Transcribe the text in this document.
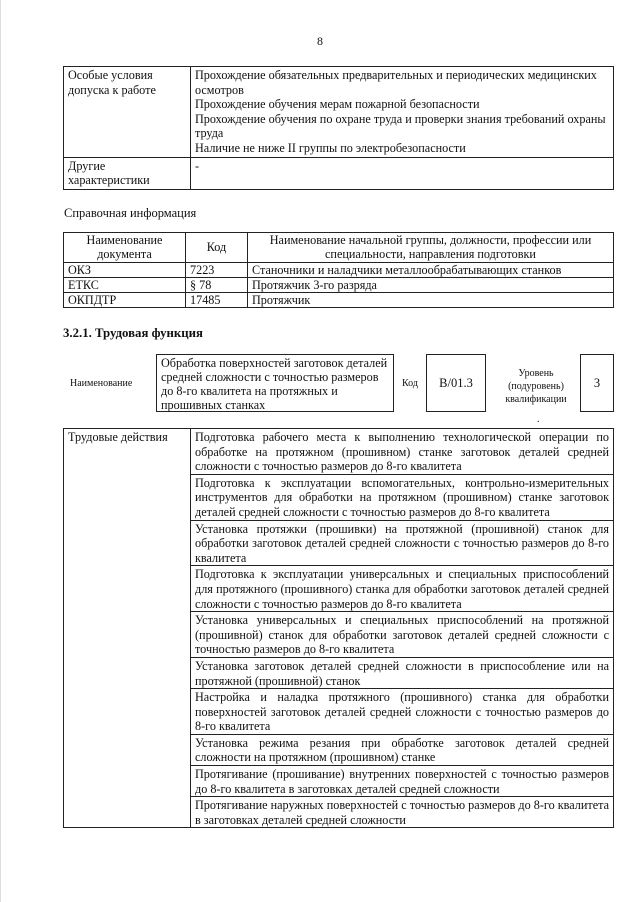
8
Особые условия допуска к работе	Прохождение обязательных предварительных и периодических медицинских осмотров
Прохождение обучения мерам пожарной безопасности
Прохождение обучения по охране труда и проверки знания требований охраны труда
Наличие не ниже II группы по электробезопасности

Другие характеристики	-
Справочная информация
Наименование документа	Код	Наименование начальной группы, должности, профессии или специальности, направления подготовки
ОКЗ	7223	Станочники и наладчики металлообрабатывающих станков
ЕТКС	§ 78	Протяжчик 3-го разряда
ОКПДТР	17485	Протяжчик
3.2.1. Трудовая функция
Наименование
Обработка поверхностей заготовок деталей средней сложности с точностью размеров до 8-го квалитета на протяжных и прошивных станках
Код	B/01.3
Уровень (подуровень) квалификации
3
.
Трудовые действия	Подготовка рабочего места к выполнению технологической операции по обработке на протяжном (прошивном) станке заготовок деталей средней сложности с точностью размеров до 8-го квалитета
Подготовка к эксплуатации вспомогательных, контрольно-измерительных инструментов для обработки на протяжном (прошивном) станке заготовок деталей средней сложности с точностью размеров до 8-го квалитета
Установка протяжки (прошивки) на протяжной (прошивной) станок для обработки заготовок деталей средней сложности с точностью размеров до 8-го квалитета
Подготовка к эксплуатации универсальных и специальных приспособлений для протяжного (прошивного) станка для обработки заготовок деталей средней сложности с точностью размеров до 8-го квалитета
Установка универсальных и специальных приспособлений на протяжной (прошивной) станок для обработки заготовок деталей средней сложности с точностью размеров до 8-го квалитета
Установка заготовок деталей средней сложности в приспособление или на протяжной (прошивной) станок
Настройка и наладка протяжного (прошивного) станка для обработки поверхностей заготовок деталей средней сложности с точностью размеров до 8-го квалитета
Установка режима резания при обработке заготовок деталей средней сложности на протяжном (прошивном) станке
Протягивание (прошивание) внутренних поверхностей с точностью размеров до 8-го квалитета в заготовках деталей средней сложности
Протягивание наружных поверхностей с точностью размеров до 8-го квалитета в заготовках деталей средней сложности
